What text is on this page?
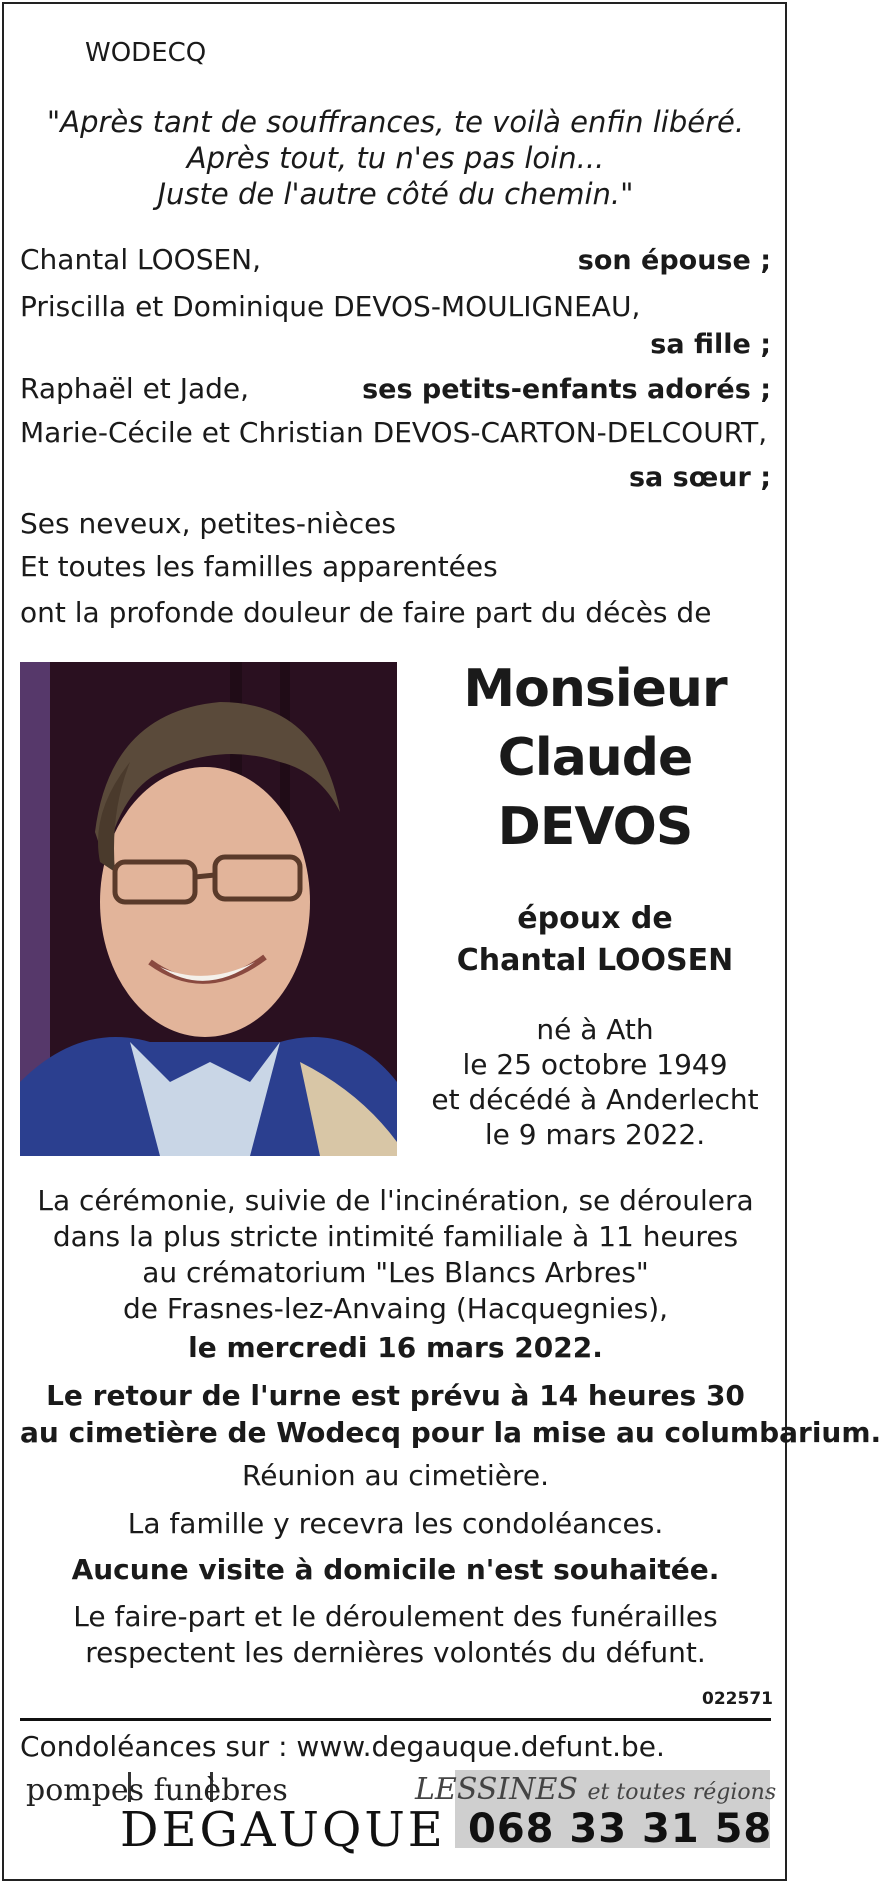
WODECQ
"Après tant de souffrances, te voilà enfin libéré.
Après tout, tu n'es pas loin...
Juste de l'autre côté du chemin."
Chantal LOOSEN,	son épouse ;
Priscilla et Dominique DEVOS-MOULIGNEAU,
sa fille ;
Raphaël et Jade,	ses petits-enfants adorés ;
Marie-Cécile et Christian DEVOS-CARTON-DELCOURT,
sa sœur ;
Ses neveux, petites-nièces
Et toutes les familles apparentées
ont la profonde douleur de faire part du décès de
Monsieur
Claude
DEVOS
époux de
Chantal LOOSEN
né à Ath
le 25 octobre 1949
et décédé à Anderlecht
le 9 mars 2022.
La cérémonie, suivie de l'incinération, se déroulera
dans la plus stricte intimité familiale à 11 heures
au crématorium "Les Blancs Arbres"
de Frasnes-lez-Anvaing (Hacquegnies),
le mercredi 16 mars 2022.
Le retour de l'urne est prévu à 14 heures 30
au cimetière de Wodecq pour la mise au columbarium.
Réunion au cimetière.
La famille y recevra les condoléances.
Aucune visite à domicile n'est souhaitée.
Le faire-part et le déroulement des funérailles
respectent les dernières volontés du défunt.
022571
Condoléances sur : www.degauque.defunt.be.
pompes funèbres
DEGAUQUE
LESSINES et toutes régions
068 33 31 58
